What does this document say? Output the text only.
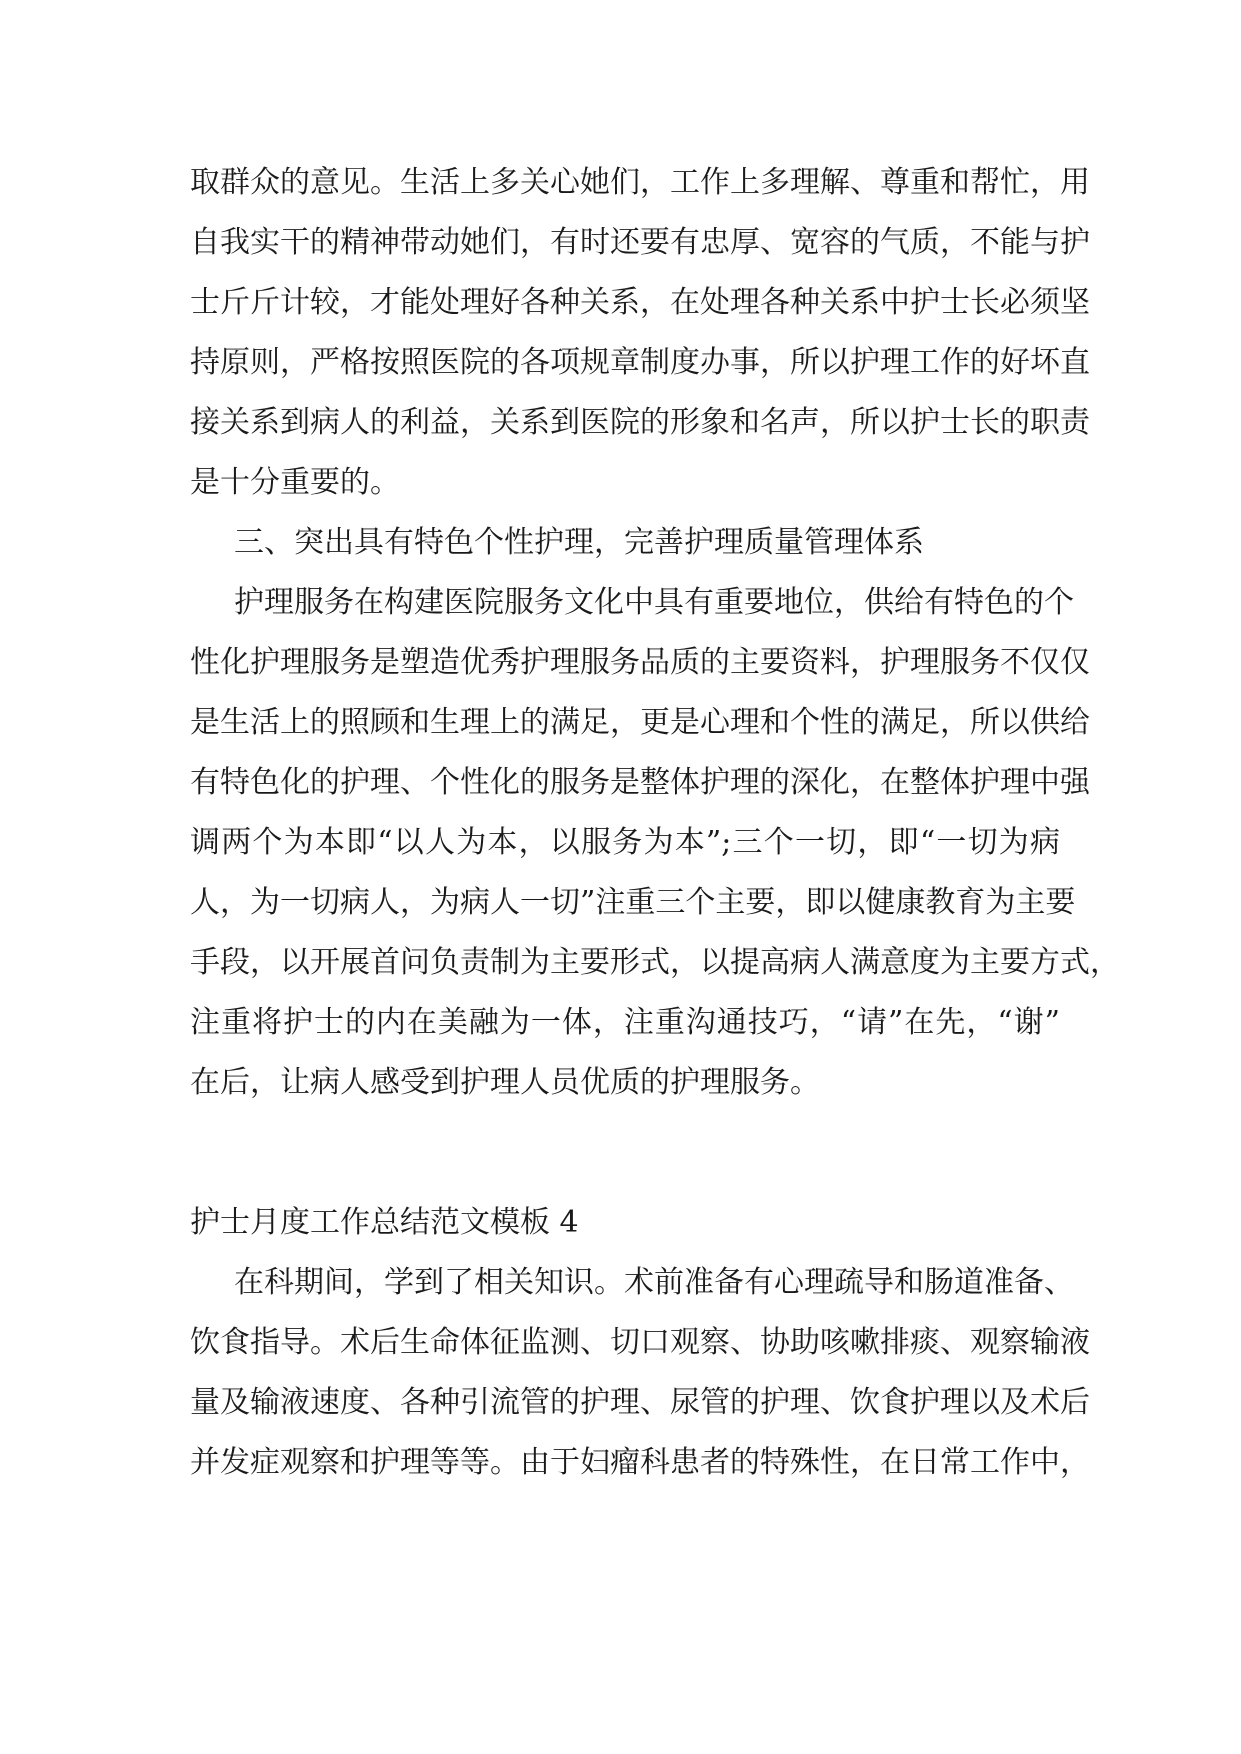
取群众的意见。生活上多关心她们，工作上多理解、尊重和帮忙，用
自我实干的精神带动她们，有时还要有忠厚、宽容的气质，不能与护
士斤斤计较，才能处理好各种关系，在处理各种关系中护士长必须坚
持原则，严格按照医院的各项规章制度办事，所以护理工作的好坏直
接关系到病人的利益，关系到医院的形象和名声，所以护士长的职责
是十分重要的。
三、突出具有特色个性护理，完善护理质量管理体系
护理服务在构建医院服务文化中具有重要地位，供给有特色的个
性化护理服务是塑造优秀护理服务品质的主要资料，护理服务不仅仅
是生活上的照顾和生理上的满足，更是心理和个性的满足，所以供给
有特色化的护理、个性化的服务是整体护理的深化，在整体护理中强
调两个为本即“以人为本，以服务为本”;三个一切，即“一切为病
人，为一切病人，为病人一切”注重三个主要，即以健康教育为主要
手段，以开展首问负责制为主要形式，以提高病人满意度为主要方式，
注重将护士的内在美融为一体，注重沟通技巧，“请”在先，“谢”
在后，让病人感受到护理人员优质的护理服务。
护士月度工作总结范文模板 4
在科期间，学到了相关知识。术前准备有心理疏导和肠道准备、
饮食指导。术后生命体征监测、切口观察、协助咳嗽排痰、观察输液
量及输液速度、各种引流管的护理、尿管的护理、饮食护理以及术后
并发症观察和护理等等。由于妇瘤科患者的特殊性，在日常工作中，
